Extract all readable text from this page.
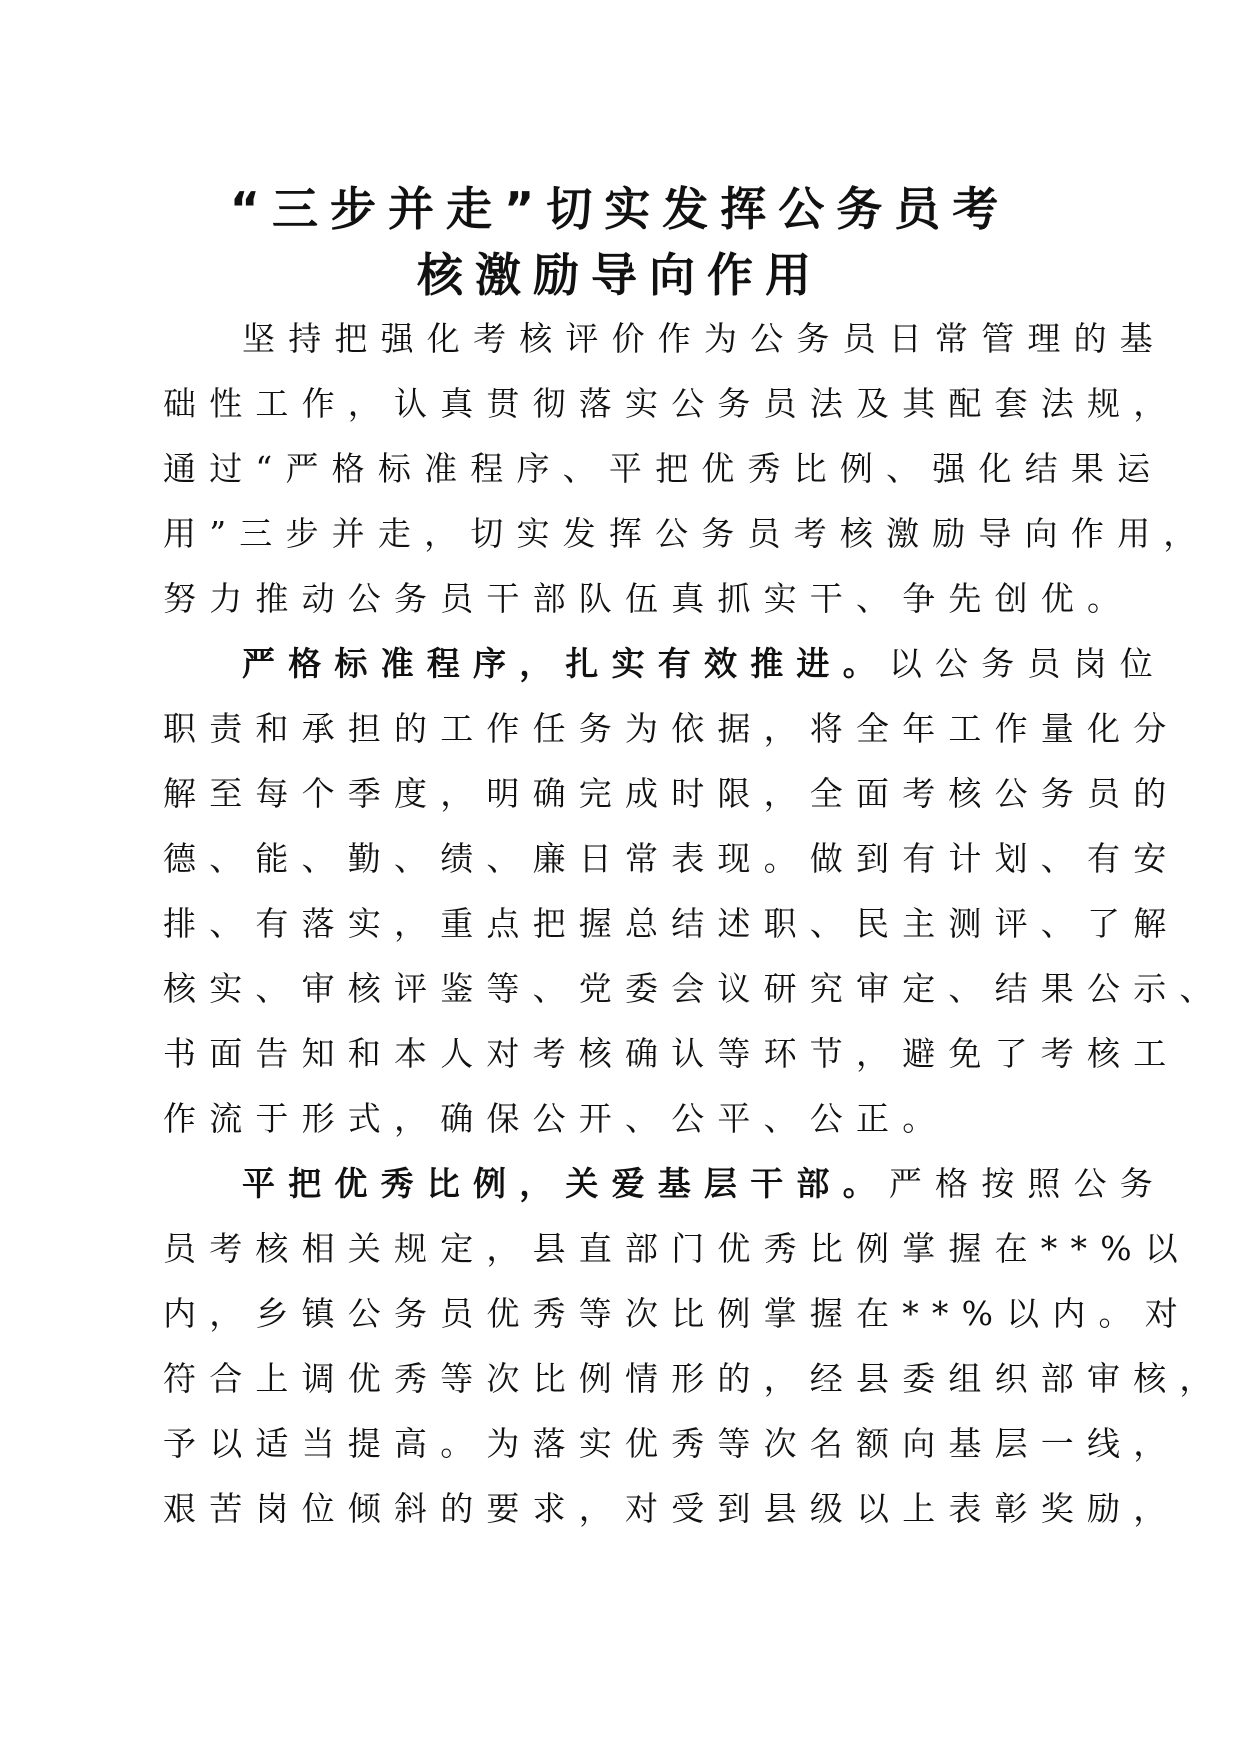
“三步并走”切实发挥公务员考
核激励导向作用

坚持把强化考核评价作为公务员日常管理的基

础性工作，认真贯彻落实公务员法及其配套法规，

通过“严格标准程序、平把优秀比例、强化结果运

用”三步并走，切实发挥公务员考核激励导向作用，

努力推动公务员干部队伍真抓实干、争先创优。

严格标准程序，扎实有效推进。以公务员岗位

职责和承担的工作任务为依据，将全年工作量化分

解至每个季度，明确完成时限，全面考核公务员的

德、能、勤、绩、廉日常表现。做到有计划、有安

排、有落实，重点把握总结述职、民主测评、了解

核实、审核评鉴等、党委会议研究审定、结果公示、

书面告知和本人对考核确认等环节，避免了考核工

作流于形式，确保公开、公平、公正。

平把优秀比例，关爱基层干部。严格按照公务

员考核相关规定，县直部门优秀比例掌握在**%以

内，乡镇公务员优秀等次比例掌握在**%以内。对

符合上调优秀等次比例情形的，经县委组织部审核，

予以适当提高。为落实优秀等次名额向基层一线，

艰苦岗位倾斜的要求，对受到县级以上表彰奖励，
